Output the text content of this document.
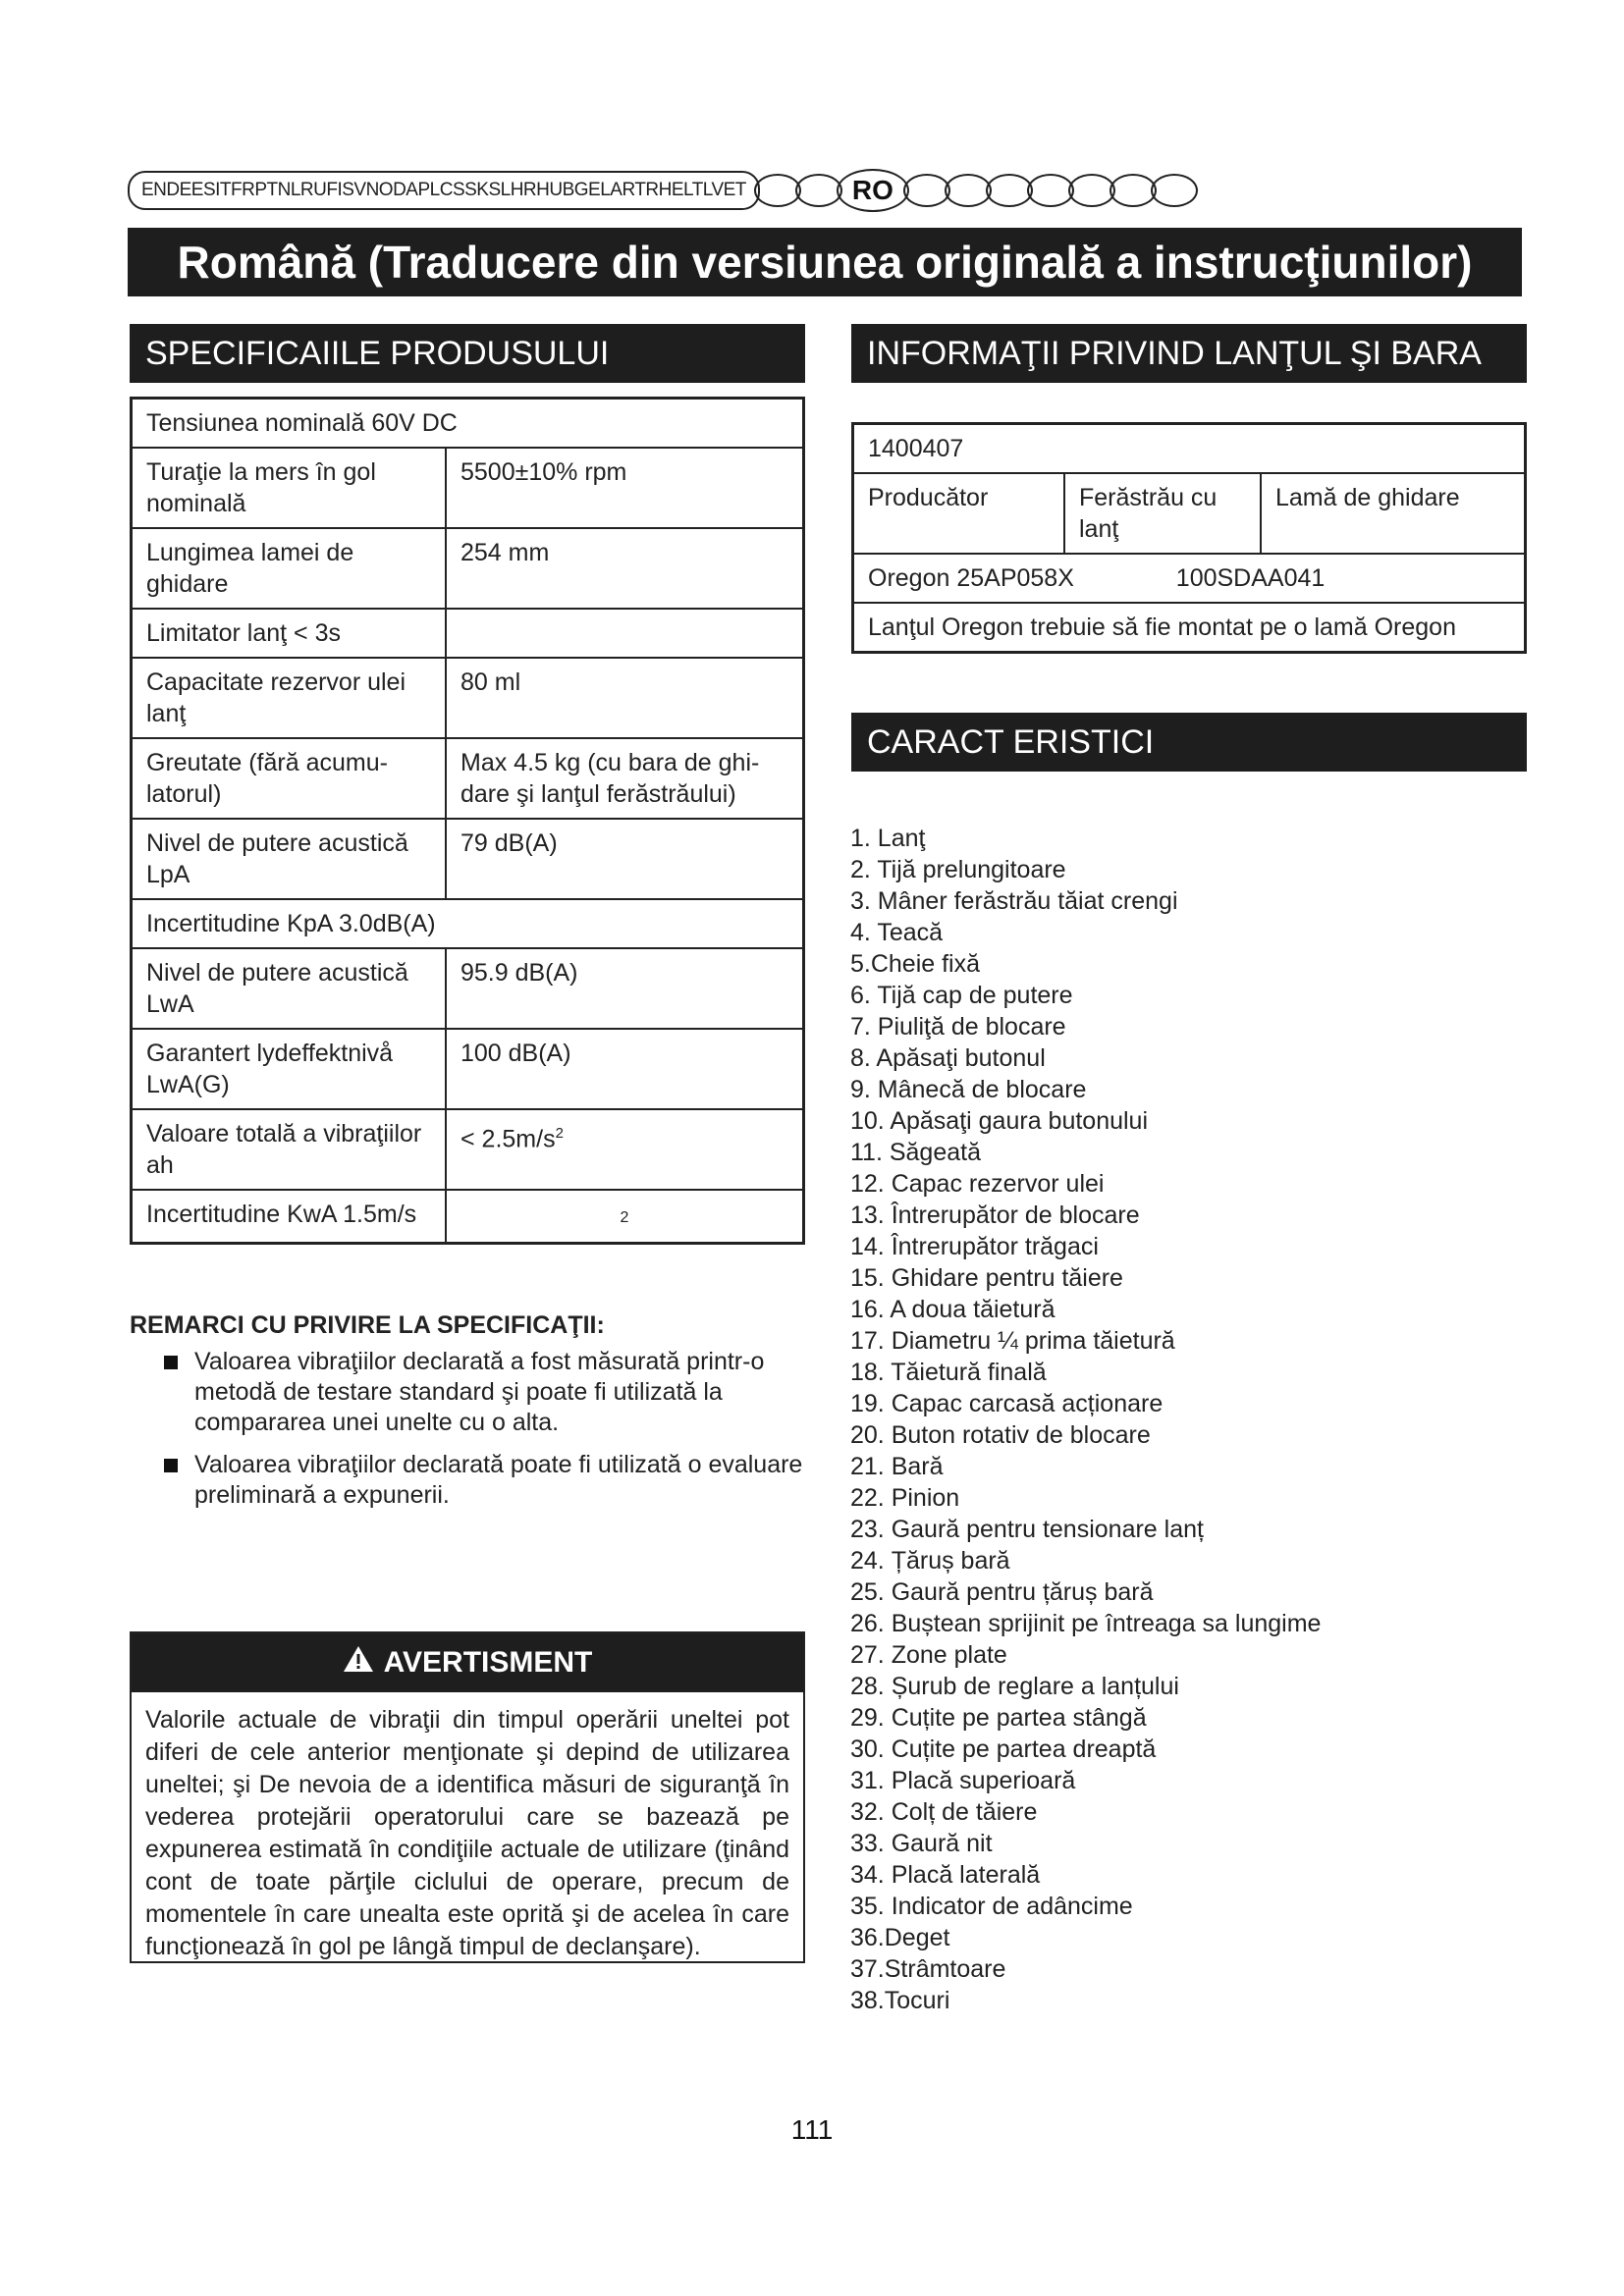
ENDEESITFRPTNLRUFISVNODAPLCSSKSLHRHUBGELARTRHELTLVET	RO
Română (Traducere din versiunea originală a instrucţiunilor)
SPECIFICAIILE PRODUSULUI
Tensiunea nominală 60V DC	
Turaţie la mers în gol nominală	5500±10% rpm
Lungimea lamei de ghidare	254 mm
Limitator lanţ < 3s	
Capacitate rezervor ulei lanţ	80 ml
Greutate (fără acumu-latorul)	Max 4.5 kg (cu bara de ghi-dare şi lanţul ferăstrăului)
Nivel de putere acustică LpA	79 dB(A)
Incertitudine KpA 3.0dB(A)	
Nivel de putere acustică LwA	95.9 dB(A)
Garantert lydeffektnivå LwA(G)	100 dB(A)
Valoare totală a vibraţiilor ah	< $2.5m/s^2$
Incertitudine KwA 1.5m/s	2
REMARCI CU PRIVIRE LA SPECIFICAŢII:
Valoarea vibraţiilor declarată a fost măsurată printr-o metodă de testare standard şi poate fi utilizată la compararea unei unelte cu o alta.
Valoarea vibraţiilor declarată poate fi utilizată o evaluare preliminară a expunerii.
AVERTISMENT
Valorile actuale de vibraţii din timpul operării uneltei pot diferi de cele anterior menţionate şi depind de utilizarea uneltei; şi De nevoia de a identifica măsuri de siguranţă în vederea protejării operatorului care se bazează pe expunerea estimată în condiţiile actuale de utilizare (ţinând cont de toate părţile ciclului de operare, precum de momentele în care unealta este oprită şi de acelea în care funcţionează în gol pe lângă timpul de declanşare).
INFORMAŢII PRIVIND LANŢUL ŞI BARA
1400407
Producător	Ferăstrău cu lanţ	Lamă de ghidare
Oregon 25AP058X	100SDAA041
Lanţul Oregon trebuie să fie montat pe o lamă Oregon
CARACT ERISTICI
1. Lanţ
2. Tijă prelungitoare
3. Mâner ferăstrău tăiat crengi
4. Teacă
5.Cheie fixă
6. Tijă cap de putere
7. Piuliţă de blocare
8. Apăsaţi butonul
9. Mânecă de blocare
10. Apăsaţi gaura butonului
11. Săgeată
12. Capac rezervor ulei
13. Întrerupător de blocare
14. Întrerupător trăgaci
15. Ghidare pentru tăiere
16. A doua tăietură
17. Diametru ¼ prima tăietură
18. Tăietură finală
19. Capac carcasă acționare
20. Buton rotativ de blocare
21. Bară
22. Pinion
23. Gaură pentru tensionare lanț
24. Țăruș bară
25. Gaură pentru țăruș bară
26. Buștean sprijinit pe întreaga sa lungime
27. Zone plate
28. Șurub de reglare a lanțului
29. Cuțite pe partea stângă
30. Cuțite pe partea dreaptă
31. Placă superioară
32. Colț de tăiere
33. Gaură nit
34. Placă laterală
35. Indicator de adâncime
36.Deget
37.Strâmtoare
38.Tocuri
111
